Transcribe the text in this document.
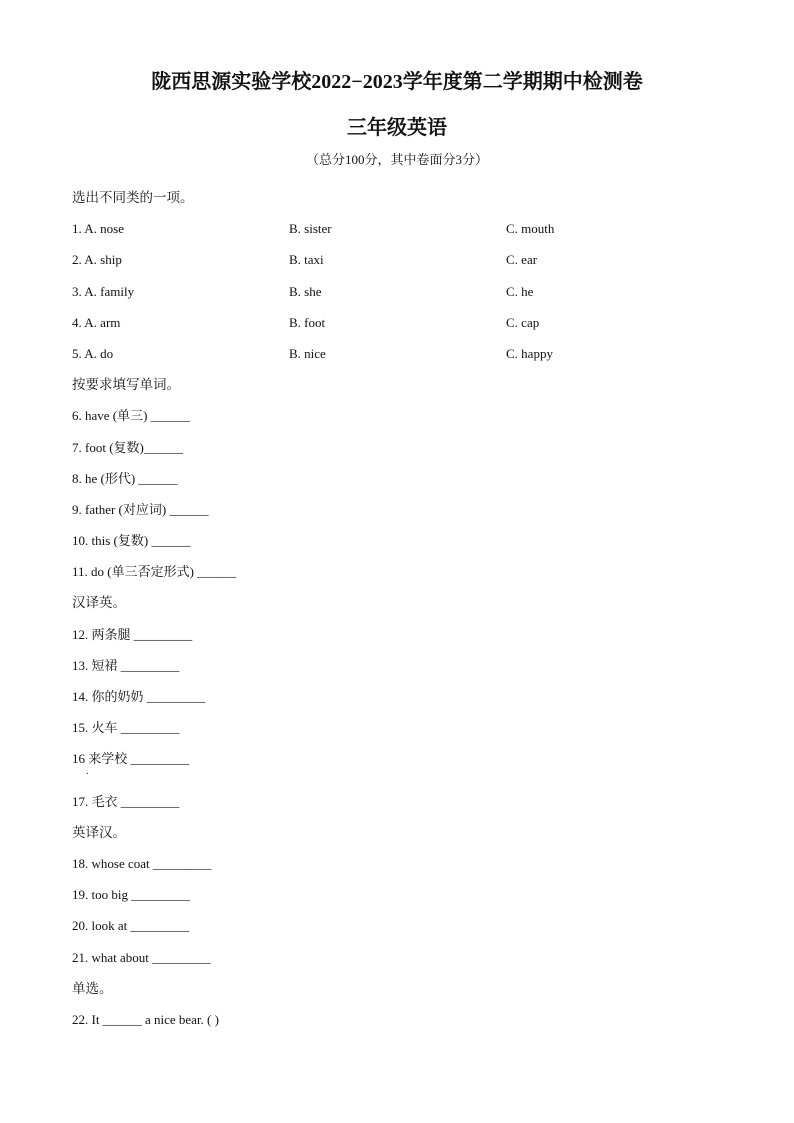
陇西思源实验学校2022−2023学年度第二学期期中检测卷
三年级英语
（总分100分，其中卷面分3分）
选出不同类的一项。
1. A. nose	B. sister	C. mouth
2. A. ship	B. taxi	C. ear
3. A. family	B. she	C. he
4. A. arm	B. foot	C. cap
5. A. do	B. nice	C. happy
按要求填写单词。
6. have (单三) ______
7. foot (复数)______
8. he (形代) ______
9. father (对应词) ______
10. this (复数) ______
11. do (单三否定形式) ______
汉译英。
12. 两条腿 _________
13. 短裙 _________
14. 你的奶奶 _________
15. 火车 _________
16 来学校 _________
.
17. 毛衣 _________
英译汉。
18. whose coat _________
19. too big _________
20. look at _________
21. what about _________
单选。
22. It ______ a nice bear. ( )
